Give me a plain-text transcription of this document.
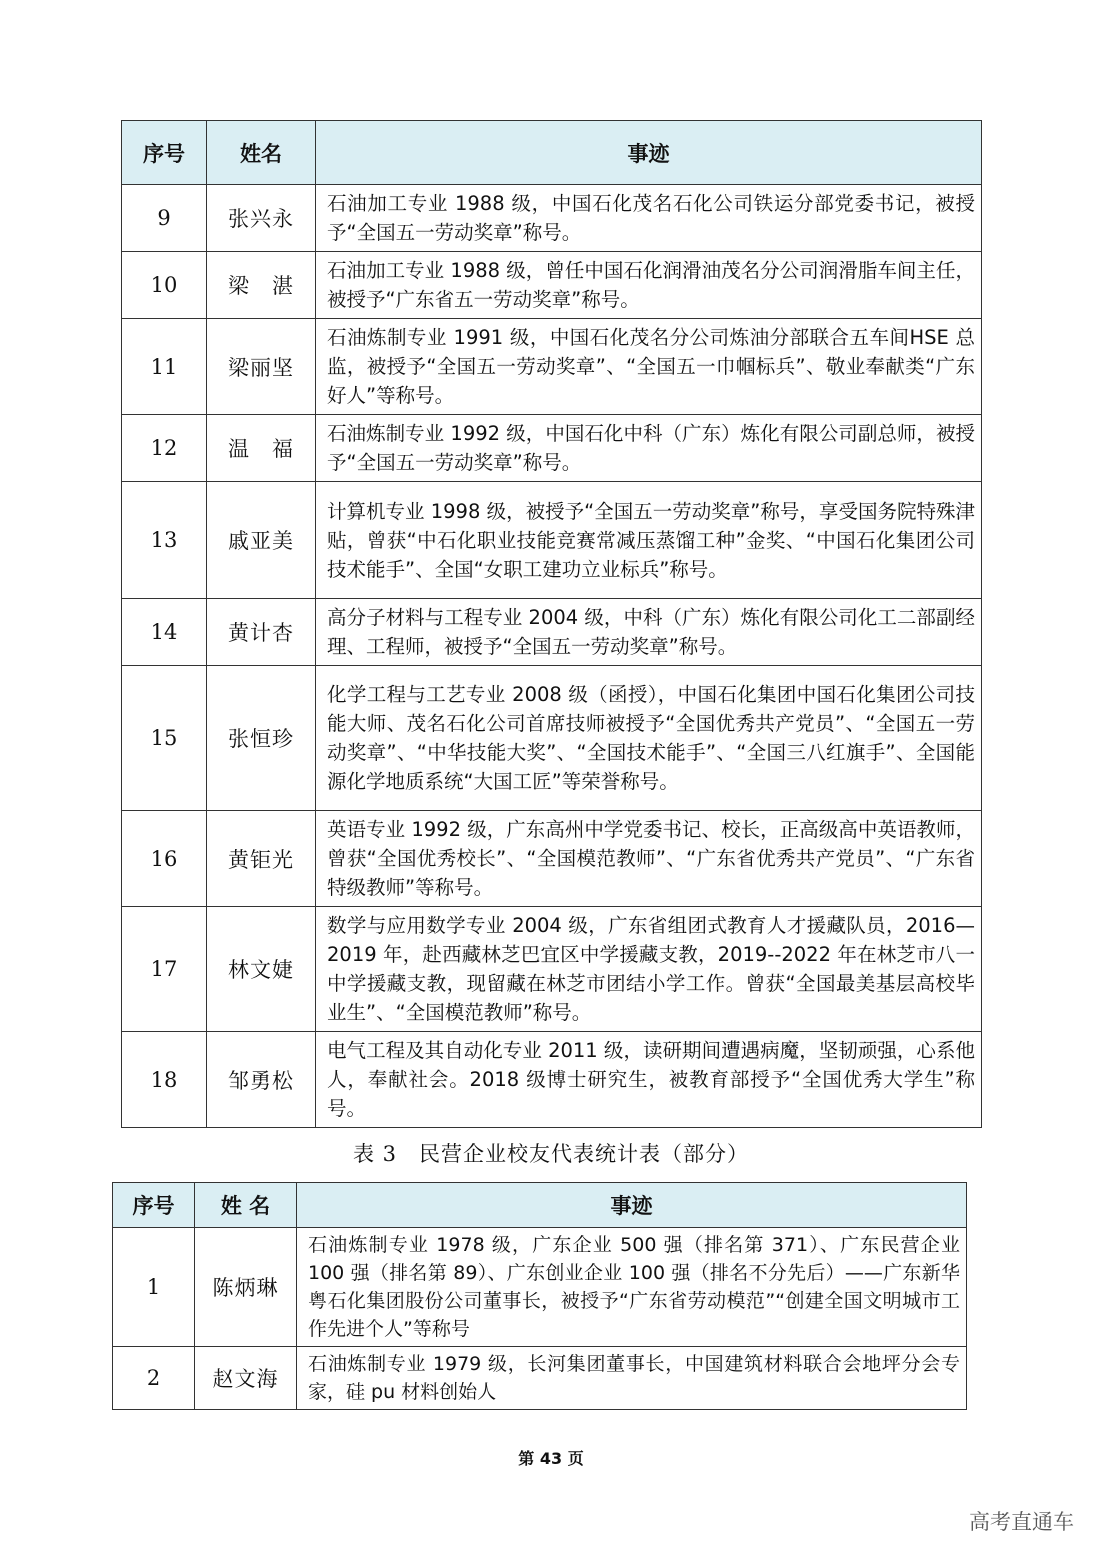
序号	姓名	事迹
9	张兴永	石油加工专业 1988 级，中国石化茂名石化公司铁运分部党委书记，被授予“全国五一劳动奖章”称号。
10	梁　湛	石油加工专业 1988 级，曾任中国石化润滑油茂名分公司润滑脂车间主任，被授予“广东省五一劳动奖章”称号。
11	梁丽坚	石油炼制专业 1991 级，中国石化茂名分公司炼油分部联合五车间HSE 总监，被授予“全国五一劳动奖章”、“全国五一巾帼标兵”、敬业奉献类“广东好人”等称号。
12	温　福	石油炼制专业 1992 级，中国石化中科（广东）炼化有限公司副总师，被授予“全国五一劳动奖章”称号。
13	戚亚美	计算机专业 1998 级，被授予“全国五一劳动奖章”称号，享受国务院特殊津贴，曾获“中石化职业技能竞赛常减压蒸馏工种”金奖、“中国石化集团公司技术能手”、全国“女职工建功立业标兵”称号。
14	黄计杏	高分子材料与工程专业 2004 级，中科（广东）炼化有限公司化工二部副经理、工程师，被授予“全国五一劳动奖章”称号。
15	张恒珍	化学工程与工艺专业 2008 级（函授），中国石化集团中国石化集团公司技能大师、茂名石化公司首席技师被授予“全国优秀共产党员”、“全国五一劳动奖章”、“中华技能大奖”、“全国技术能手”、“全国三八红旗手”、全国能源化学地质系统“大国工匠”等荣誉称号。
16	黄钜光	英语专业 1992 级，广东高州中学党委书记、校长，正高级高中英语教师，曾获“全国优秀校长”、“全国模范教师”、“广东省优秀共产党员”、“广东省特级教师”等称号。
17	林文婕	数学与应用数学专业 2004 级，广东省组团式教育人才援藏队员，2016—2019 年，赴西藏林芝巴宜区中学援藏支教，2019--2022 年在林芝市八一中学援藏支教，现留藏在林芝市团结小学工作。曾获“全国最美基层高校毕业生”、“全国模范教师”称号。
18	邹勇松	电气工程及其自动化专业 2011 级，读研期间遭遇病魔，坚韧顽强，心系他人，奉献社会。2018 级博士研究生，被教育部授予“全国优秀大学生”称号。
表 3　民营企业校友代表统计表（部分）
序号	姓 名	事迹
1	陈炳琳	石油炼制专业 1978 级，广东企业 500 强（排名第 371）、广东民营企业 100 强（排名第 89）、广东创业企业 100 强（排名不分先后）——广东新华粤石化集团股份公司董事长，被授予“广东省劳动模范”“创建全国文明城市工作先进个人”等称号
2	赵文海	石油炼制专业 1979 级，长河集团董事长，中国建筑材料联合会地坪分会专家，硅 pu 材料创始人
第 43 页
高考直通车
